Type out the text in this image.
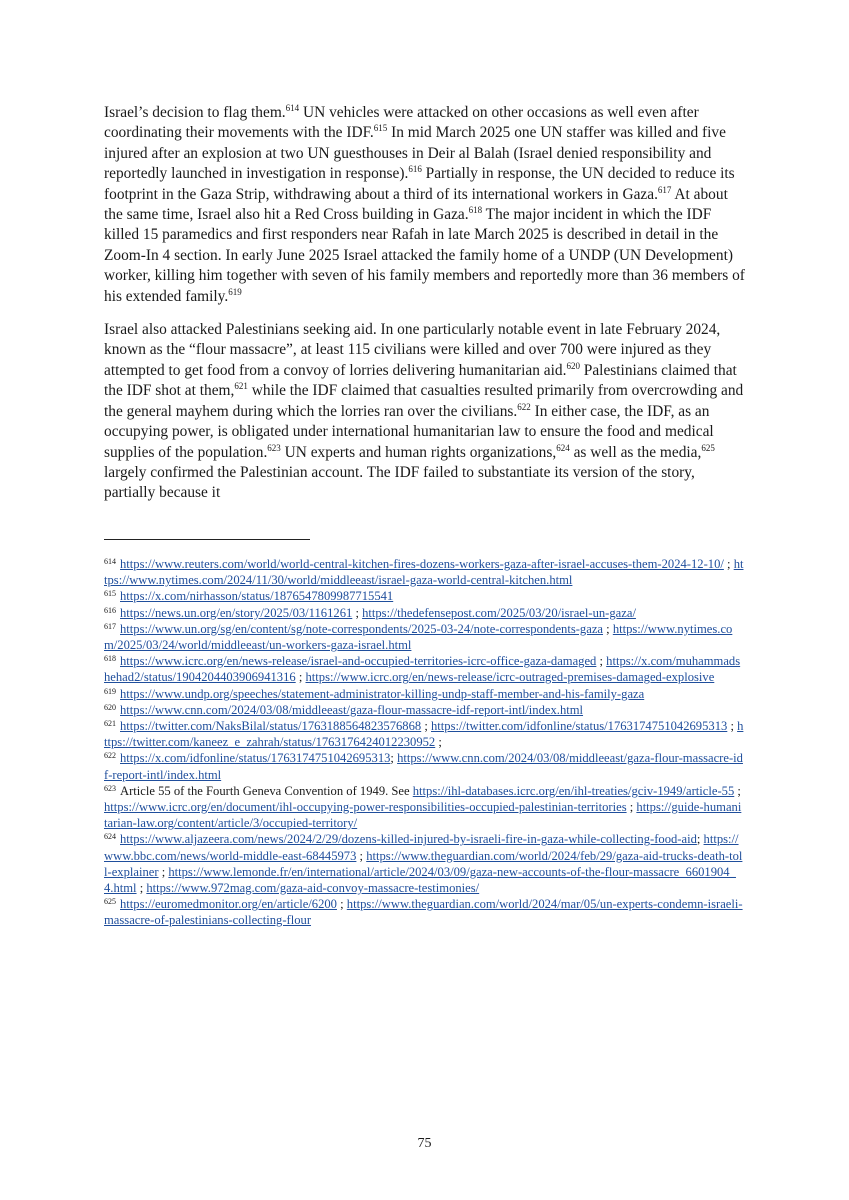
Israel’s decision to flag them.$^{614}$ UN vehicles were attacked on other occasions as well even after coordinating their movements with the IDF.$^{615}$ In mid March 2025 one UN staffer was killed and five injured after an explosion at two UN guesthouses in Deir al Balah (Israel denied responsibility and reportedly launched in investigation in response).$^{616}$ Partially in response, the UN decided to reduce its footprint in the Gaza Strip, withdrawing about a third of its international workers in Gaza.$^{617}$ At about the same time, Israel also hit a Red Cross building in Gaza.$^{618}$ The major incident in which the IDF killed 15 paramedics and first responders near Rafah in late March 2025 is described in detail in the Zoom-In 4 section. In early June 2025 Israel attacked the family home of a UNDP (UN Development) worker, killing him together with seven of his family members and reportedly more than 36 members of his extended family.$^{619}$

Israel also attacked Palestinians seeking aid. In one particularly notable event in late February 2024, known as the “flour massacre”, at least 115 civilians were killed and over 700 were injured as they attempted to get food from a convoy of lorries delivering humanitarian aid.$^{620}$ Palestinians claimed that the IDF shot at them,$^{621}$ while the IDF claimed that casualties resulted primarily from overcrowding and the general mayhem during which the lorries ran over the civilians.$^{622}$ In either case, the IDF, as an occupying power, is obligated under international humanitarian law to ensure the food and medical supplies of the population.$^{623}$ UN experts and human rights organizations,$^{624}$ as well as the media,$^{625}$ largely confirmed the Palestinian account. The IDF failed to substantiate its version of the story, partially because it

$^{614}$ https://www.reuters.com/world/world-central-kitchen-fires-dozens-workers-gaza-after-israel-accuses-them-2024-12-10/ ; https://www.nytimes.com/2024/11/30/world/middleeast/israel-gaza-world-central-kitchen.html

$^{615}$ https://x.com/nirhasson/status/1876547809987715541

$^{616}$ https://news.un.org/en/story/2025/03/1161261 ; https://thedefensepost.com/2025/03/20/israel-un-gaza/

$^{617}$ https://www.un.org/sg/en/content/sg/note-correspondents/2025-03-24/note-correspondents-gaza ; https://www.nytimes.com/2025/03/24/world/middleeast/un-workers-gaza-israel.html

$^{618}$ https://www.icrc.org/en/news-release/israel-and-occupied-territories-icrc-office-gaza-damaged ; https://x.com/muhammadshehad2/status/1904204403906941316 ; https://www.icrc.org/en/news-release/icrc-outraged-premises-damaged-explosive

$^{619}$ https://www.undp.org/speeches/statement-administrator-killing-undp-staff-member-and-his-family-gaza

$^{620}$ https://www.cnn.com/2024/03/08/middleeast/gaza-flour-massacre-idf-report-intl/index.html

$^{621}$ https://twitter.com/NaksBilal/status/1763188564823576868 ; https://twitter.com/idfonline/status/1763174751042695313 ; https://twitter.com/kaneez_e_zahrah/status/1763176424012230952 ;

$^{622}$ https://x.com/idfonline/status/1763174751042695313; https://www.cnn.com/2024/03/08/middleeast/gaza-flour-massacre-idf-report-intl/index.html

$^{623}$ Article 55 of the Fourth Geneva Convention of 1949. See https://ihl-databases.icrc.org/en/ihl-treaties/gciv-1949/article-55 ; https://www.icrc.org/en/document/ihl-occupying-power-responsibilities-occupied-palestinian-territories ; https://guide-humanitarian-law.org/content/article/3/occupied-territory/

$^{624}$ https://www.aljazeera.com/news/2024/2/29/dozens-killed-injured-by-israeli-fire-in-gaza-while-collecting-food-aid; https://www.bbc.com/news/world-middle-east-68445973 ; https://www.theguardian.com/world/2024/feb/29/gaza-aid-trucks-death-toll-explainer ; https://www.lemonde.fr/en/international/article/2024/03/09/gaza-new-accounts-of-the-flour-massacre_6601904_4.html ; https://www.972mag.com/gaza-aid-convoy-massacre-testimonies/

$^{625}$ https://euromedmonitor.org/en/article/6200 ; https://www.theguardian.com/world/2024/mar/05/un-experts-condemn-israeli-massacre-of-palestinians-collecting-flour

75
